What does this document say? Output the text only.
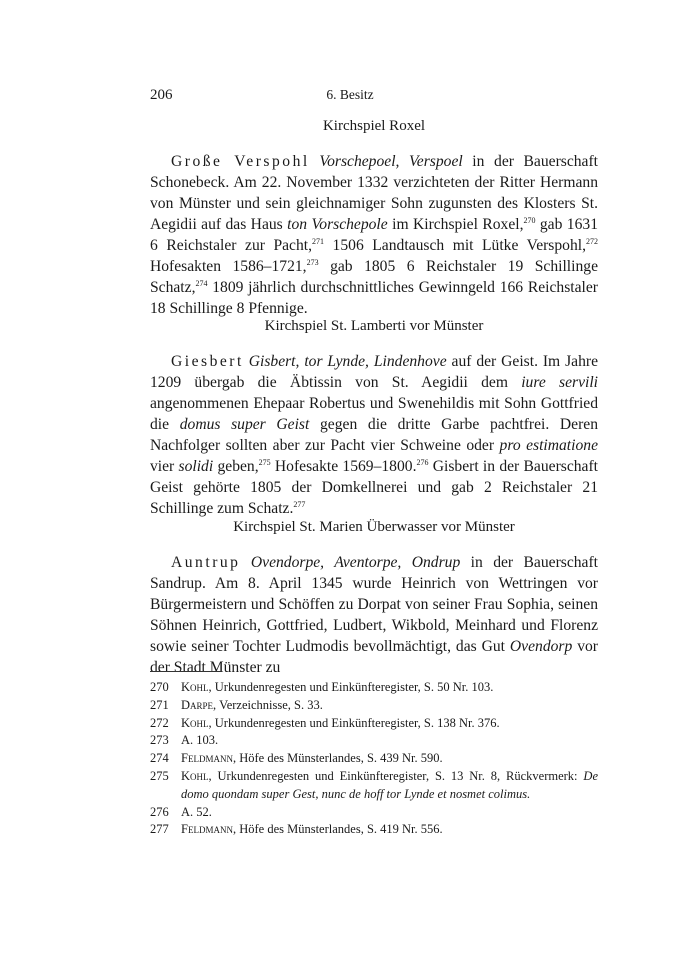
206	6. Besitz
Kirchspiel Roxel

Große Verspohl Vorschepoel, Verspoel in der Bauerschaft Schonebeck. Am 22. November 1332 verzichteten der Ritter Hermann von Münster und sein gleichnamiger Sohn zugunsten des Klosters St. Aegidii auf das Haus ton Vorschepole im Kirchspiel Roxel,$^{270}$ gab 1631 6 Reichstaler zur Pacht,$^{271}$ 1506 Landtausch mit Lütke Verspohl,$^{272}$ Hofesakten 1586–1721,$^{273}$ gab 1805 6 Reichstaler 19 Schillinge Schatz,$^{274}$ 1809 jährlich durchschnittliches Gewinngeld 166 Reichstaler 18 Schillinge 8 Pfennige.

Kirchspiel St. Lamberti vor Münster

Giesbert Gisbert, tor Lynde, Lindenhove auf der Geist. Im Jahre 1209 übergab die Äbtissin von St. Aegidii dem iure servili angenommenen Ehepaar Robertus und Swenehildis mit Sohn Gottfried die domus super Geist gegen die dritte Garbe pachtfrei. Deren Nachfolger sollten aber zur Pacht vier Schweine oder pro estimatione vier solidi geben,$^{275}$ Hofesakte 1569–1800.$^{276}$ Gisbert in der Bauerschaft Geist gehörte 1805 der Domkellnerei und gab 2 Reichstaler 21 Schillinge zum Schatz.$^{277}$

Kirchspiel St. Marien Überwasser vor Münster

Auntrup Ovendorpe, Aventorpe, Ondrup in der Bauerschaft Sandrup. Am 8. April 1345 wurde Heinrich von Wettringen vor Bürgermeistern und Schöffen zu Dorpat von seiner Frau Sophia, seinen Söhnen Heinrich, Gottfried, Ludbert, Wikbold, Meinhard und Florenz sowie seiner Tochter Ludmodis bevollmächtigt, das Gut Ovendorp vor der Stadt Münster zu

270 Kohl, Urkundenregesten und Einkünfteregister, S. 50 Nr. 103.
271 Darpe, Verzeichnisse, S. 33.
272 Kohl, Urkundenregesten und Einkünfteregister, S. 138 Nr. 376.
273 A. 103.
274 Feldmann, Höfe des Münsterlandes, S. 439 Nr. 590.
275 Kohl, Urkundenregesten und Einkünfteregister, S. 13 Nr. 8, Rückvermerk: De domo quondam super Gest, nunc de hoff tor Lynde et nosmet colimus.
276 A. 52.
277 Feldmann, Höfe des Münsterlandes, S. 419 Nr. 556.
